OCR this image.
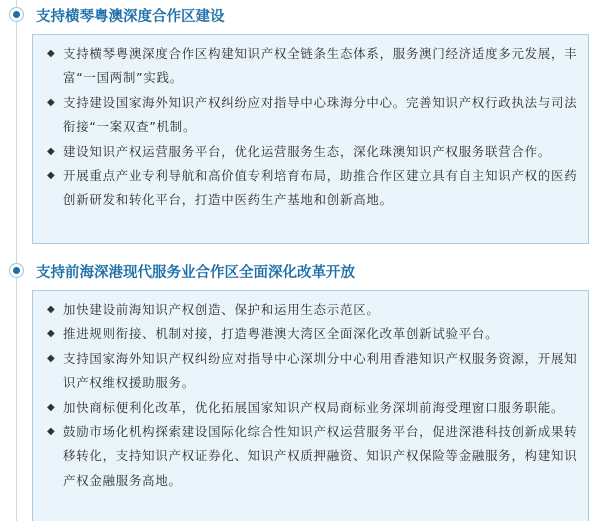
支持横琴粤澳深度合作区建设
◆ 支持横琴粤澳深度合作区构建知识产权全链条生态体系，服务澳门经济适度多元发展，丰富“一国两制”实践。
◆ 支持建设国家海外知识产权纠纷应对指导中心珠海分中心。完善知识产权行政执法与司法衔接“一案双查”机制。
◆ 建设知识产权运营服务平台，优化运营服务生态，深化珠澳知识产权服务联营合作。
◆ 开展重点产业专利导航和高价值专利培育布局，助推合作区建立具有自主知识产权的医药创新研发和转化平台，打造中医药生产基地和创新高地。
支持前海深港现代服务业合作区全面深化改革开放
◆ 加快建设前海知识产权创造、保护和运用生态示范区。
◆ 推进规则衔接、机制对接，打造粤港澳大湾区全面深化改革创新试验平台。
◆ 支持国家海外知识产权纠纷应对指导中心深圳分中心利用香港知识产权服务资源，开展知识产权维权援助服务。
◆ 加快商标便利化改革，优化拓展国家知识产权局商标业务深圳前海受理窗口服务职能。
◆ 鼓励市场化机构探索建设国际化综合性知识产权运营服务平台，促进深港科技创新成果转移转化，支持知识产权证券化、知识产权质押融资、知识产权保险等金融服务，构建知识产权金融服务高地。
